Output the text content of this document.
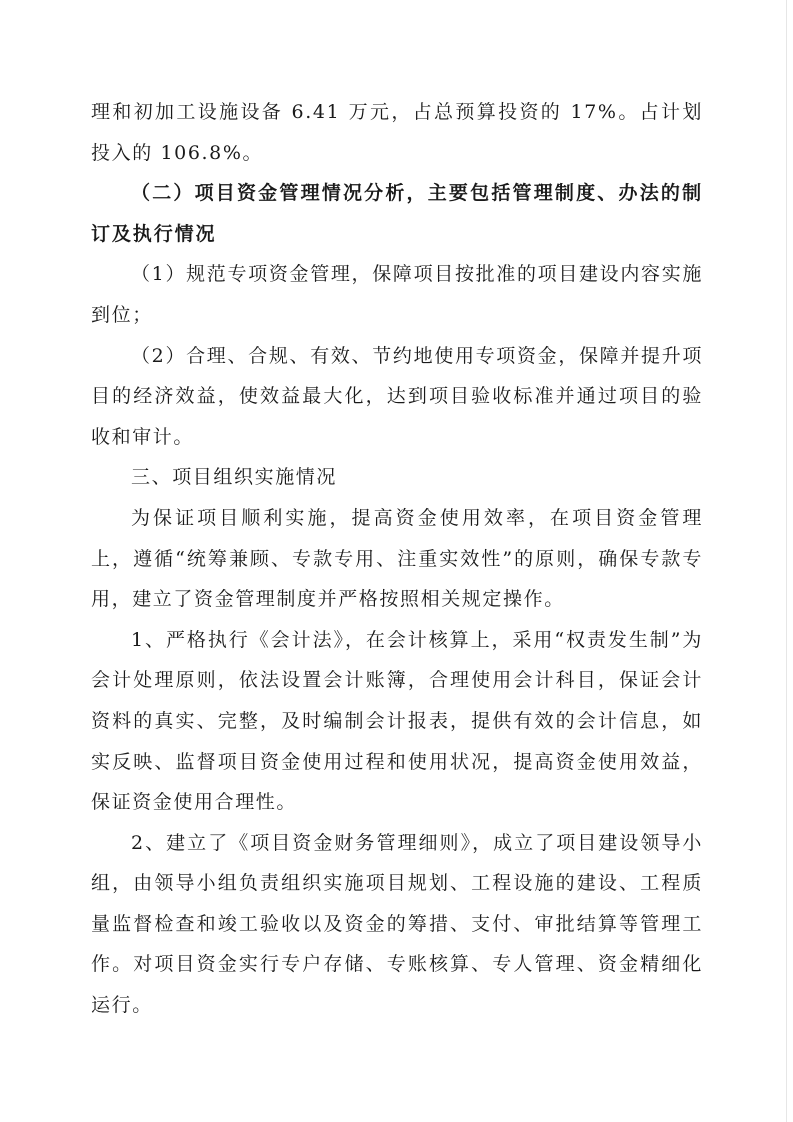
理和初加工设施设备 6.41 万元，占总预算投资的 17%。占计划投入的 106.8%。

（二）项目资金管理情况分析，主要包括管理制度、办法的制订及执行情况

（1）规范专项资金管理，保障项目按批准的项目建设内容实施到位；

（2）合理、合规、有效、节约地使用专项资金，保障并提升项目的经济效益，使效益最大化，达到项目验收标准并通过项目的验收和审计。

三、项目组织实施情况

为保证项目顺利实施，提高资金使用效率，在项目资金管理上，遵循“统筹兼顾、专款专用、注重实效性”的原则，确保专款专用，建立了资金管理制度并严格按照相关规定操作。

1、严格执行《会计法》，在会计核算上，采用“权责发生制”为会计处理原则，依法设置会计账簿，合理使用会计科目，保证会计资料的真实、完整，及时编制会计报表，提供有效的会计信息，如实反映、监督项目资金使用过程和使用状况，提高资金使用效益，保证资金使用合理性。

2、建立了《项目资金财务管理细则》，成立了项目建设领导小组，由领导小组负责组织实施项目规划、工程设施的建设、工程质量监督检查和竣工验收以及资金的筹措、支付、审批结算等管理工作。对项目资金实行专户存储、专账核算、专人管理、资金精细化运行。
